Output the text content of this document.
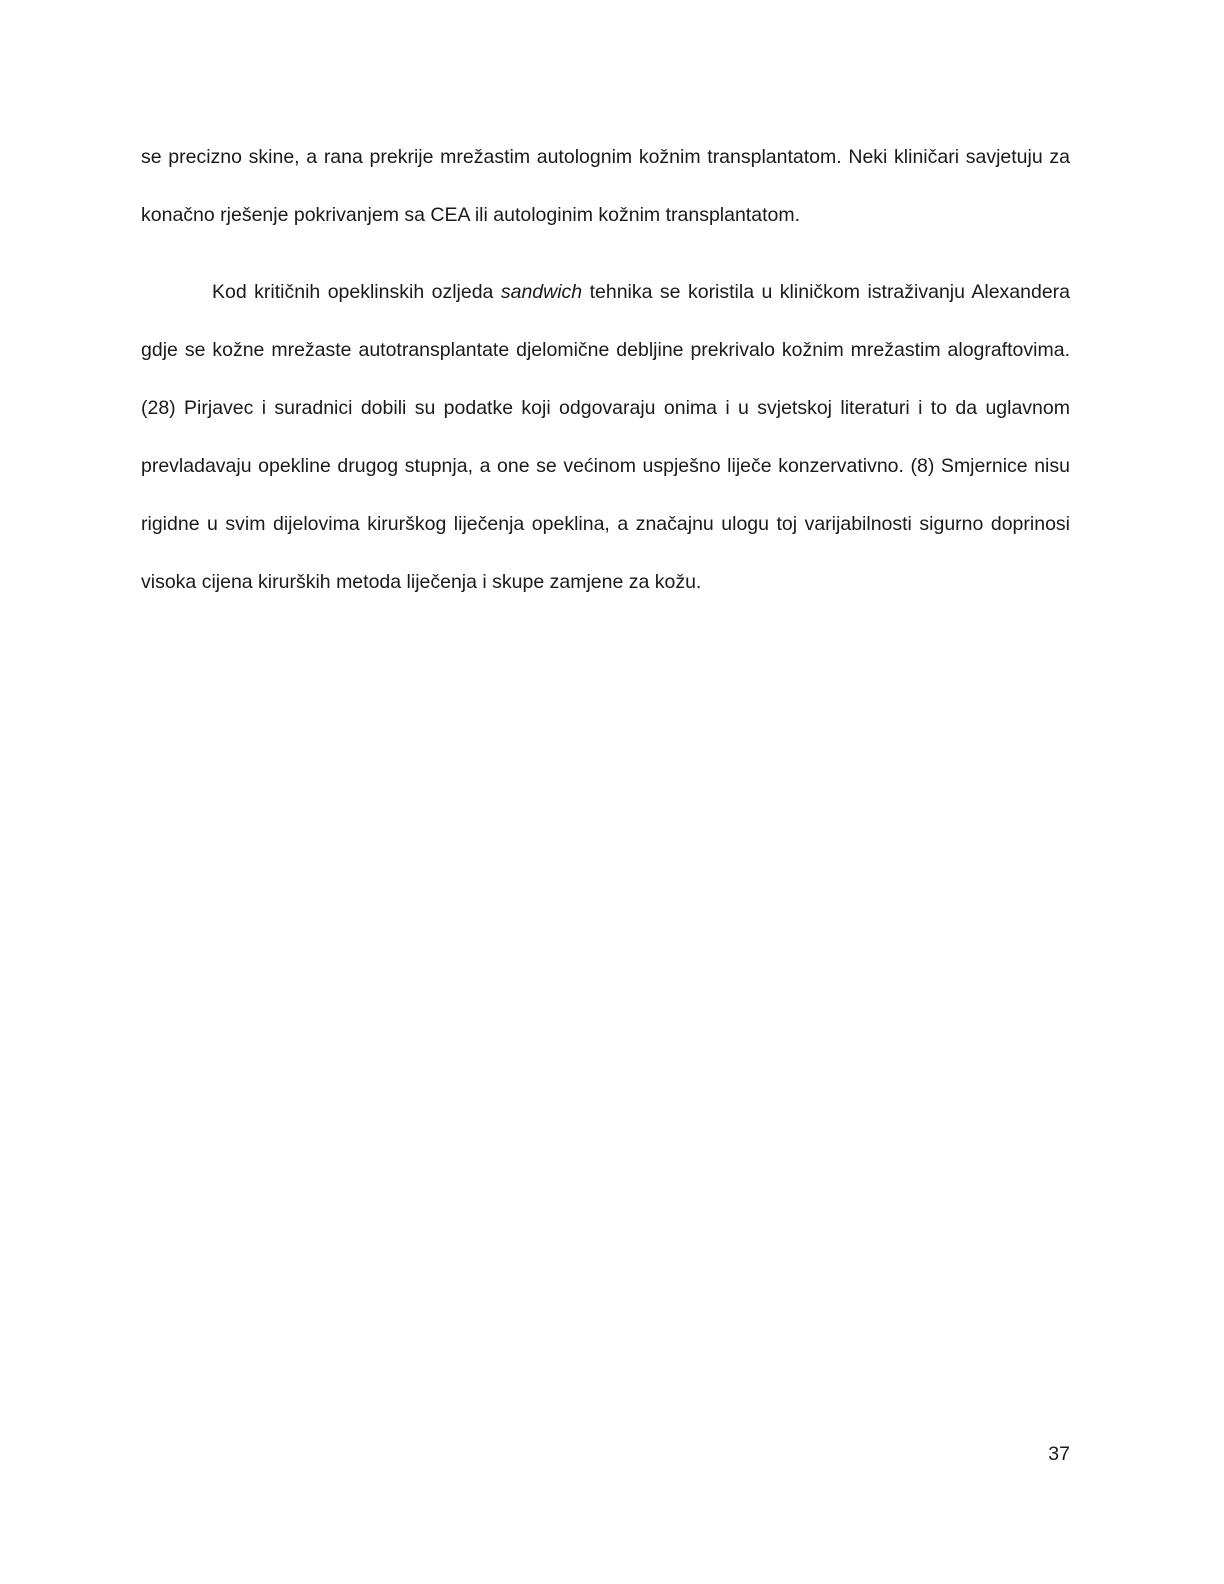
se precizno skine, a rana prekrije mrežastim autolognim kožnim transplantatom. Neki kliničari savjetuju za konačno rješenje pokrivanjem sa CEA ili autologinim kožnim transplantatom.

Kod kritičnih opeklinskih ozljeda sandwich tehnika se koristila u kliničkom istraživanju Alexandera gdje se kožne mrežaste autotransplantate djelomične debljine prekrivalo kožnim mrežastim alograftovima. (28) Pirjavec i suradnici dobili su podatke koji odgovaraju onima i u svjetskoj literaturi i to da uglavnom prevladavaju opekline drugog stupnja, a one se većinom uspješno liječe konzervativno. (8) Smjernice nisu rigidne u svim dijelovima kirurškog liječenja opeklina, a značajnu ulogu toj varijabilnosti sigurno doprinosi visoka cijena kirurških metoda liječenja i skupe zamjene za kožu.

37
